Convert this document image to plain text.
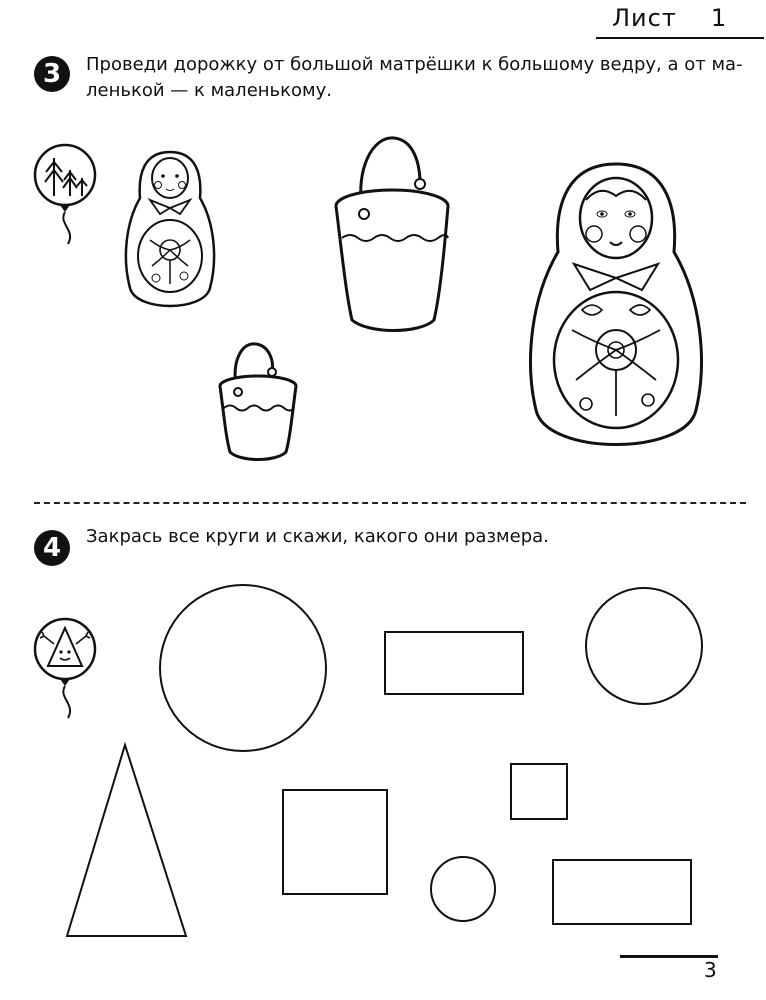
Лист 1
3	Проведи дорожку от большой матрёшки к большому ведру, а от ма-
ленькой — к маленькому.
4	Закрась все круги и скажи, какого они размера.
3
